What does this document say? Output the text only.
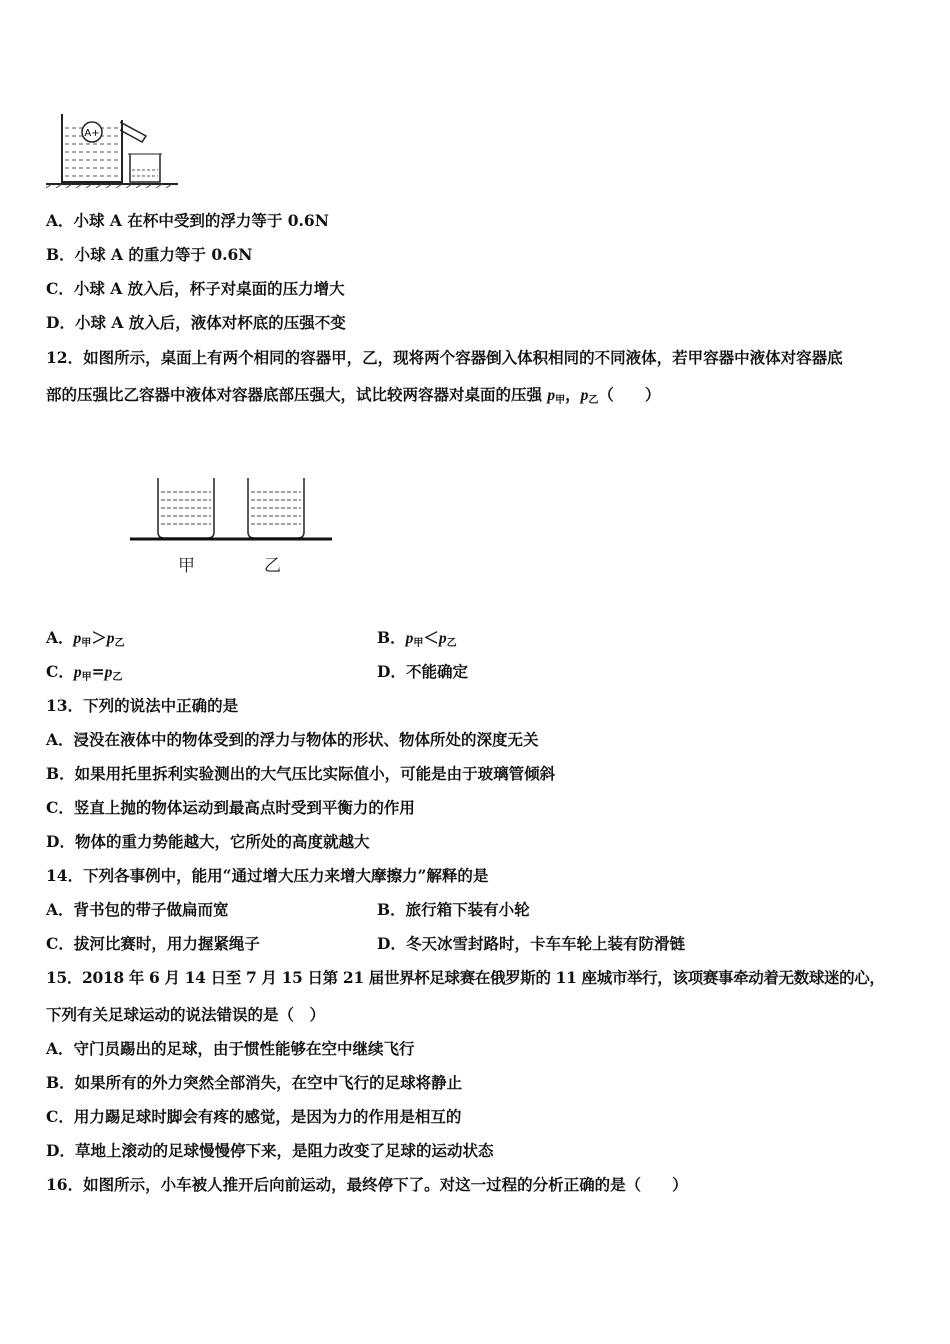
A+
A．小球 A 在杯中受到的浮力等于 0.6N
B．小球 A 的重力等于 0.6N
C．小球 A 放入后，杯子对桌面的压力增大
D．小球 A 放入后，液体对杯底的压强不变
12．如图所示，桌面上有两个相同的容器甲，乙，现将两个容器倒入体积相同的不同液体，若甲容器中液体对容器底
部的压强比乙容器中液体对容器底部压强大，试比较两容器对桌面的压强 $p_甲$，$p_乙$（　　）
甲	乙
A．$p_甲>p_乙$	B．$p_甲<p_乙$
C．$p_甲=p_乙$	D．不能确定
13．下列的说法中正确的是
A．浸没在液体中的物体受到的浮力与物体的形状、物体所处的深度无关
B．如果用托里拆利实验测出的大气压比实际值小，可能是由于玻璃管倾斜
C．竖直上抛的物体运动到最高点时受到平衡力的作用
D．物体的重力势能越大，它所处的高度就越大
14．下列各事例中，能用“通过增大压力来增大摩擦力”解释的是
A．背书包的带子做扁而宽	B．旅行箱下装有小轮
C．拔河比赛时，用力握紧绳子	D．冬天冰雪封路时，卡车车轮上装有防滑链
15．2018 年 6 月 14 日至 7 月 15 日第 21 届世界杯足球赛在俄罗斯的 11 座城市举行，该项赛事牵动着无数球迷的心，
下列有关足球运动的说法错误的是（　）
A．守门员踢出的足球，由于惯性能够在空中继续飞行
B．如果所有的外力突然全部消失，在空中飞行的足球将静止
C．用力踢足球时脚会有疼的感觉，是因为力的作用是相互的
D．草地上滚动的足球慢慢停下来，是阻力改变了足球的运动状态
16．如图所示，小车被人推开后向前运动，最终停下了。对这一过程的分析正确的是（　　）
